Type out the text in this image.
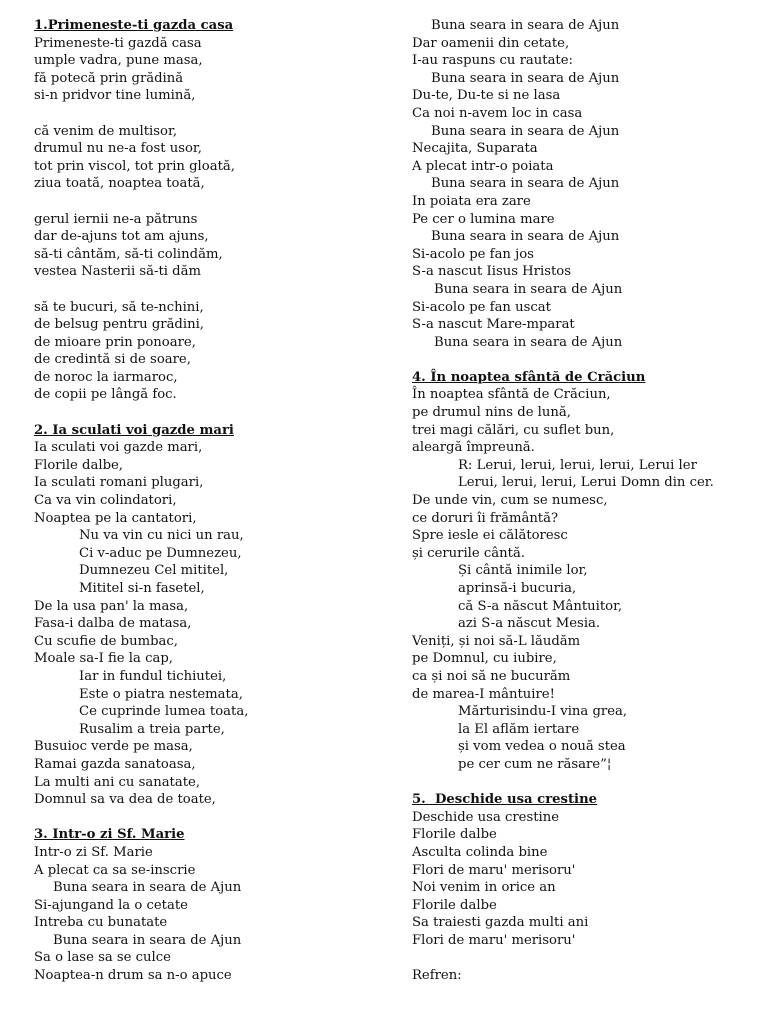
1.Primeneste-ti gazda casa
Primeneste-ti gazdă casa
umple vadra, pune masa,
fă potecă prin grădină
si-n pridvor tine lumină,
că venim de multisor,
drumul nu ne-a fost usor,
tot prin viscol, tot prin gloată,
ziua toată, noaptea toată,
gerul iernii ne-a pătruns
dar de-ajuns tot am ajuns,
să-ti cântăm, să-ti colindăm,
vestea Nasterii să-ti dăm
să te bucuri, să te-nchini,
de belsug pentru grădini,
de mioare prin ponoare,
de credintă si de soare,
de noroc la iarmaroc,
de copii pe lângă foc.
2. Ia sculati voi gazde mari
Ia sculati voi gazde mari,
Florile dalbe,
Ia sculati romani plugari,
Ca va vin colindatori,
Noaptea pe la cantatori,
Nu va vin cu nici un rau,
Ci v-aduc pe Dumnezeu,
Dumnezeu Cel mititel,
Mititel si-n fasetel,
De la usa pan' la masa,
Fasa-i dalba de matasa,
Cu scufie de bumbac,
Moale sa-I fie la cap,
Iar in fundul tichiutei,
Este o piatra nestemata,
Ce cuprinde lumea toata,
Rusalim a treia parte,
Busuioc verde pe masa,
Ramai gazda sanatoasa,
La multi ani cu sanatate,
Domnul sa va dea de toate,
3. Intr-o zi Sf. Marie
Intr-o zi Sf. Marie
A plecat ca sa se-inscrie
Buna seara in seara de Ajun
Si-ajungand la o cetate
Intreba cu bunatate
Buna seara in seara de Ajun
Sa o lase sa se culce
Noaptea-n drum sa n-o apuce
Buna seara in seara de Ajun
Dar oamenii din cetate,
I-au raspuns cu rautate:
Buna seara in seara de Ajun
Du-te, Du-te si ne lasa
Ca noi n-avem loc in casa
Buna seara in seara de Ajun
Necajita, Suparata
A plecat intr-o poiata
Buna seara in seara de Ajun
In poiata era zare
Pe cer o lumina mare
Buna seara in seara de Ajun
Si-acolo pe fan jos
S-a nascut Iisus Hristos
Buna seara in seara de Ajun
Si-acolo pe fan uscat
S-a nascut Mare-mparat
Buna seara in seara de Ajun
4. În noaptea sfântă de Crăciun
În noaptea sfântă de Crăciun,
pe drumul nins de lună,
trei magi călări, cu suflet bun,
aleargă împreună.
R: Lerui, lerui, lerui, lerui, Lerui ler
Lerui, lerui, lerui, Lerui Domn din cer.
De unde vin, cum se numesc,
ce doruri îi frământă?
Spre iesle ei călătoresc
și cerurile cântă.
Și cântă inimile lor,
aprinsă-i bucuria,
că S-a născut Mântuitor,
azi S-a născut Mesia.
Veniți, și noi să-L lăudăm
pe Domnul, cu iubire,
ca și noi să ne bucurăm
de marea-I mântuire!
Mărturisindu-I vina grea,
la El aflăm iertare
și vom vedea o nouă stea
pe cer cum ne răsare”¦
5.  Deschide usa crestine
Deschide usa crestine
Florile dalbe
Asculta colinda bine
Flori de maru' merisoru'
Noi venim in orice an
Florile dalbe
Sa traiesti gazda multi ani
Flori de maru' merisoru'
Refren:
